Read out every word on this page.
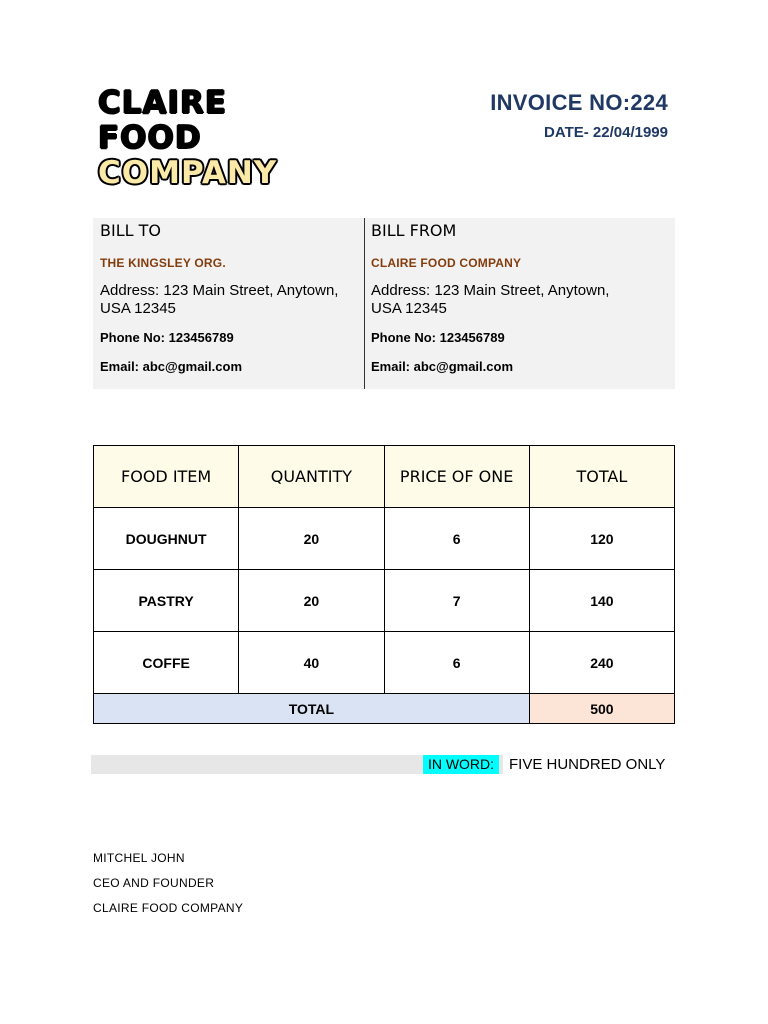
CLAIRE
FOOD
COMPANY
INVOICE NO:224
DATE- 22/04/1999
BILL TO
THE KINGSLEY ORG.
Address: 123 Main Street, Anytown, USA 12345
Phone No: 123456789
Email: abc@gmail.com
BILL FROM
CLAIRE FOOD COMPANY
Address: 123 Main Street, Anytown, USA 12345
Phone No: 123456789
Email: abc@gmail.com
FOOD ITEM	QUANTITY	PRICE OF ONE	TOTAL
DOUGHNUT	20	6	120
PASTRY	20	7	140
COFFE	40	6	240
TOTAL			500
IN WORD: FIVE HUNDRED ONLY
MITCHEL JOHN
CEO AND FOUNDER
CLAIRE FOOD COMPANY
